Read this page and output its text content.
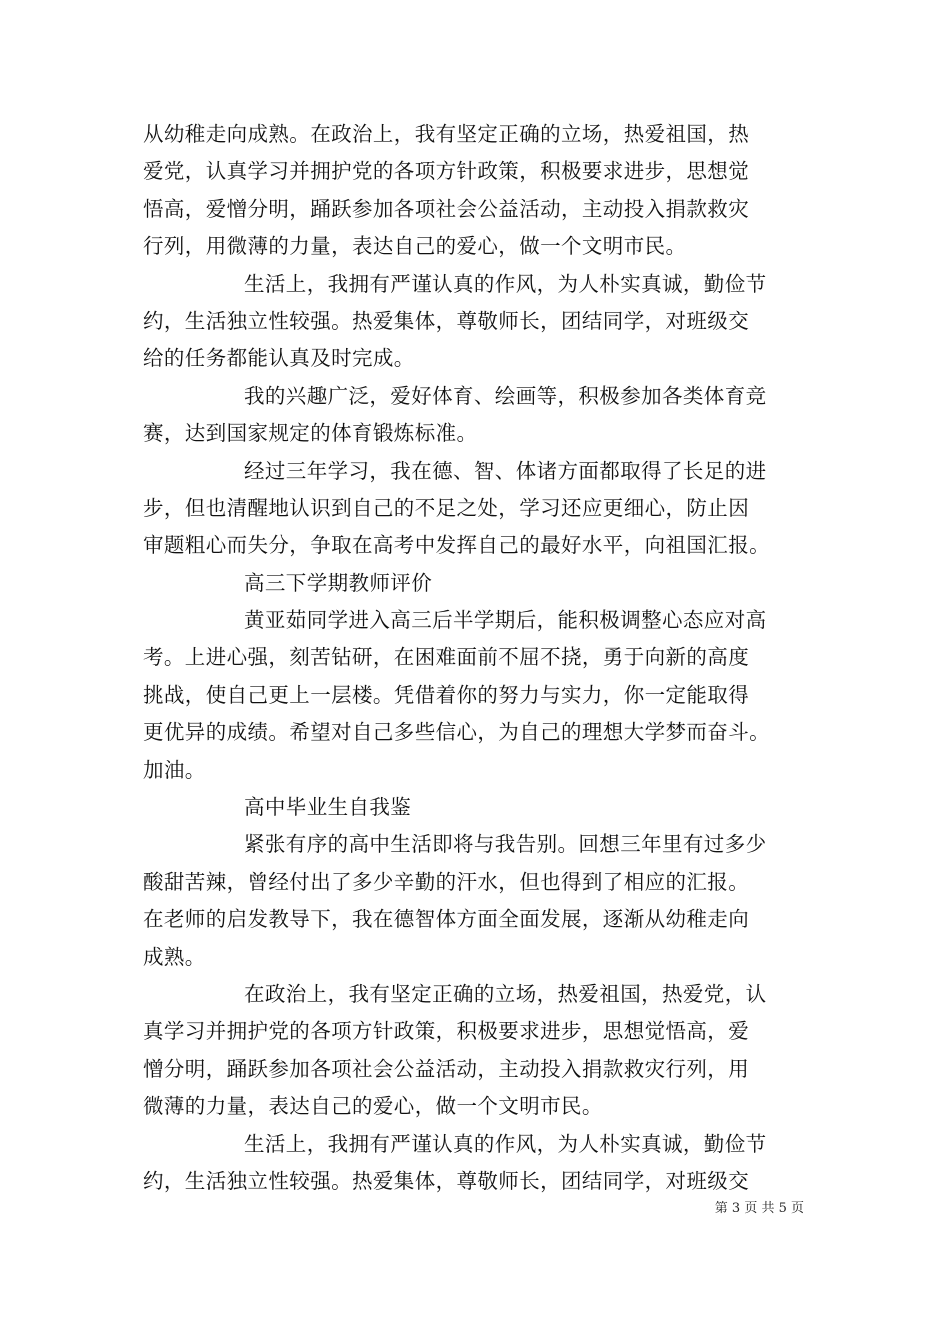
从幼稚走向成熟。在政治上，我有坚定正确的立场，热爱祖国，热
爱党，认真学习并拥护党的各项方针政策，积极要求进步，思想觉
悟高，爱憎分明，踊跃参加各项社会公益活动，主动投入捐款救灾
行列，用微薄的力量，表达自己的爱心，做一个文明市民。
生活上，我拥有严谨认真的作风，为人朴实真诚，勤俭节
约，生活独立性较强。热爱集体，尊敬师长，团结同学，对班级交
给的任务都能认真及时完成。
我的兴趣广泛，爱好体育、绘画等，积极参加各类体育竞
赛，达到国家规定的体育锻炼标准。
经过三年学习，我在德、智、体诸方面都取得了长足的进
步，但也清醒地认识到自己的不足之处，学习还应更细心，防止因
审题粗心而失分，争取在高考中发挥自己的最好水平，向祖国汇报。
高三下学期教师评价
黄亚茹同学进入高三后半学期后，能积极调整心态应对高
考。上进心强，刻苦钻研，在困难面前不屈不挠，勇于向新的高度
挑战，使自己更上一层楼。凭借着你的努力与实力，你一定能取得
更优异的成绩。希望对自己多些信心，为自己的理想大学梦而奋斗。
加油。
高中毕业生自我鉴
紧张有序的高中生活即将与我告别。回想三年里有过多少
酸甜苦辣，曾经付出了多少辛勤的汗水，但也得到了相应的汇报。
在老师的启发教导下，我在德智体方面全面发展，逐渐从幼稚走向
成熟。
在政治上，我有坚定正确的立场，热爱祖国，热爱党，认
真学习并拥护党的各项方针政策，积极要求进步，思想觉悟高，爱
憎分明，踊跃参加各项社会公益活动，主动投入捐款救灾行列，用
微薄的力量，表达自己的爱心，做一个文明市民。
生活上，我拥有严谨认真的作风，为人朴实真诚，勤俭节
约，生活独立性较强。热爱集体，尊敬师长，团结同学，对班级交
第 3 页 共 5 页
